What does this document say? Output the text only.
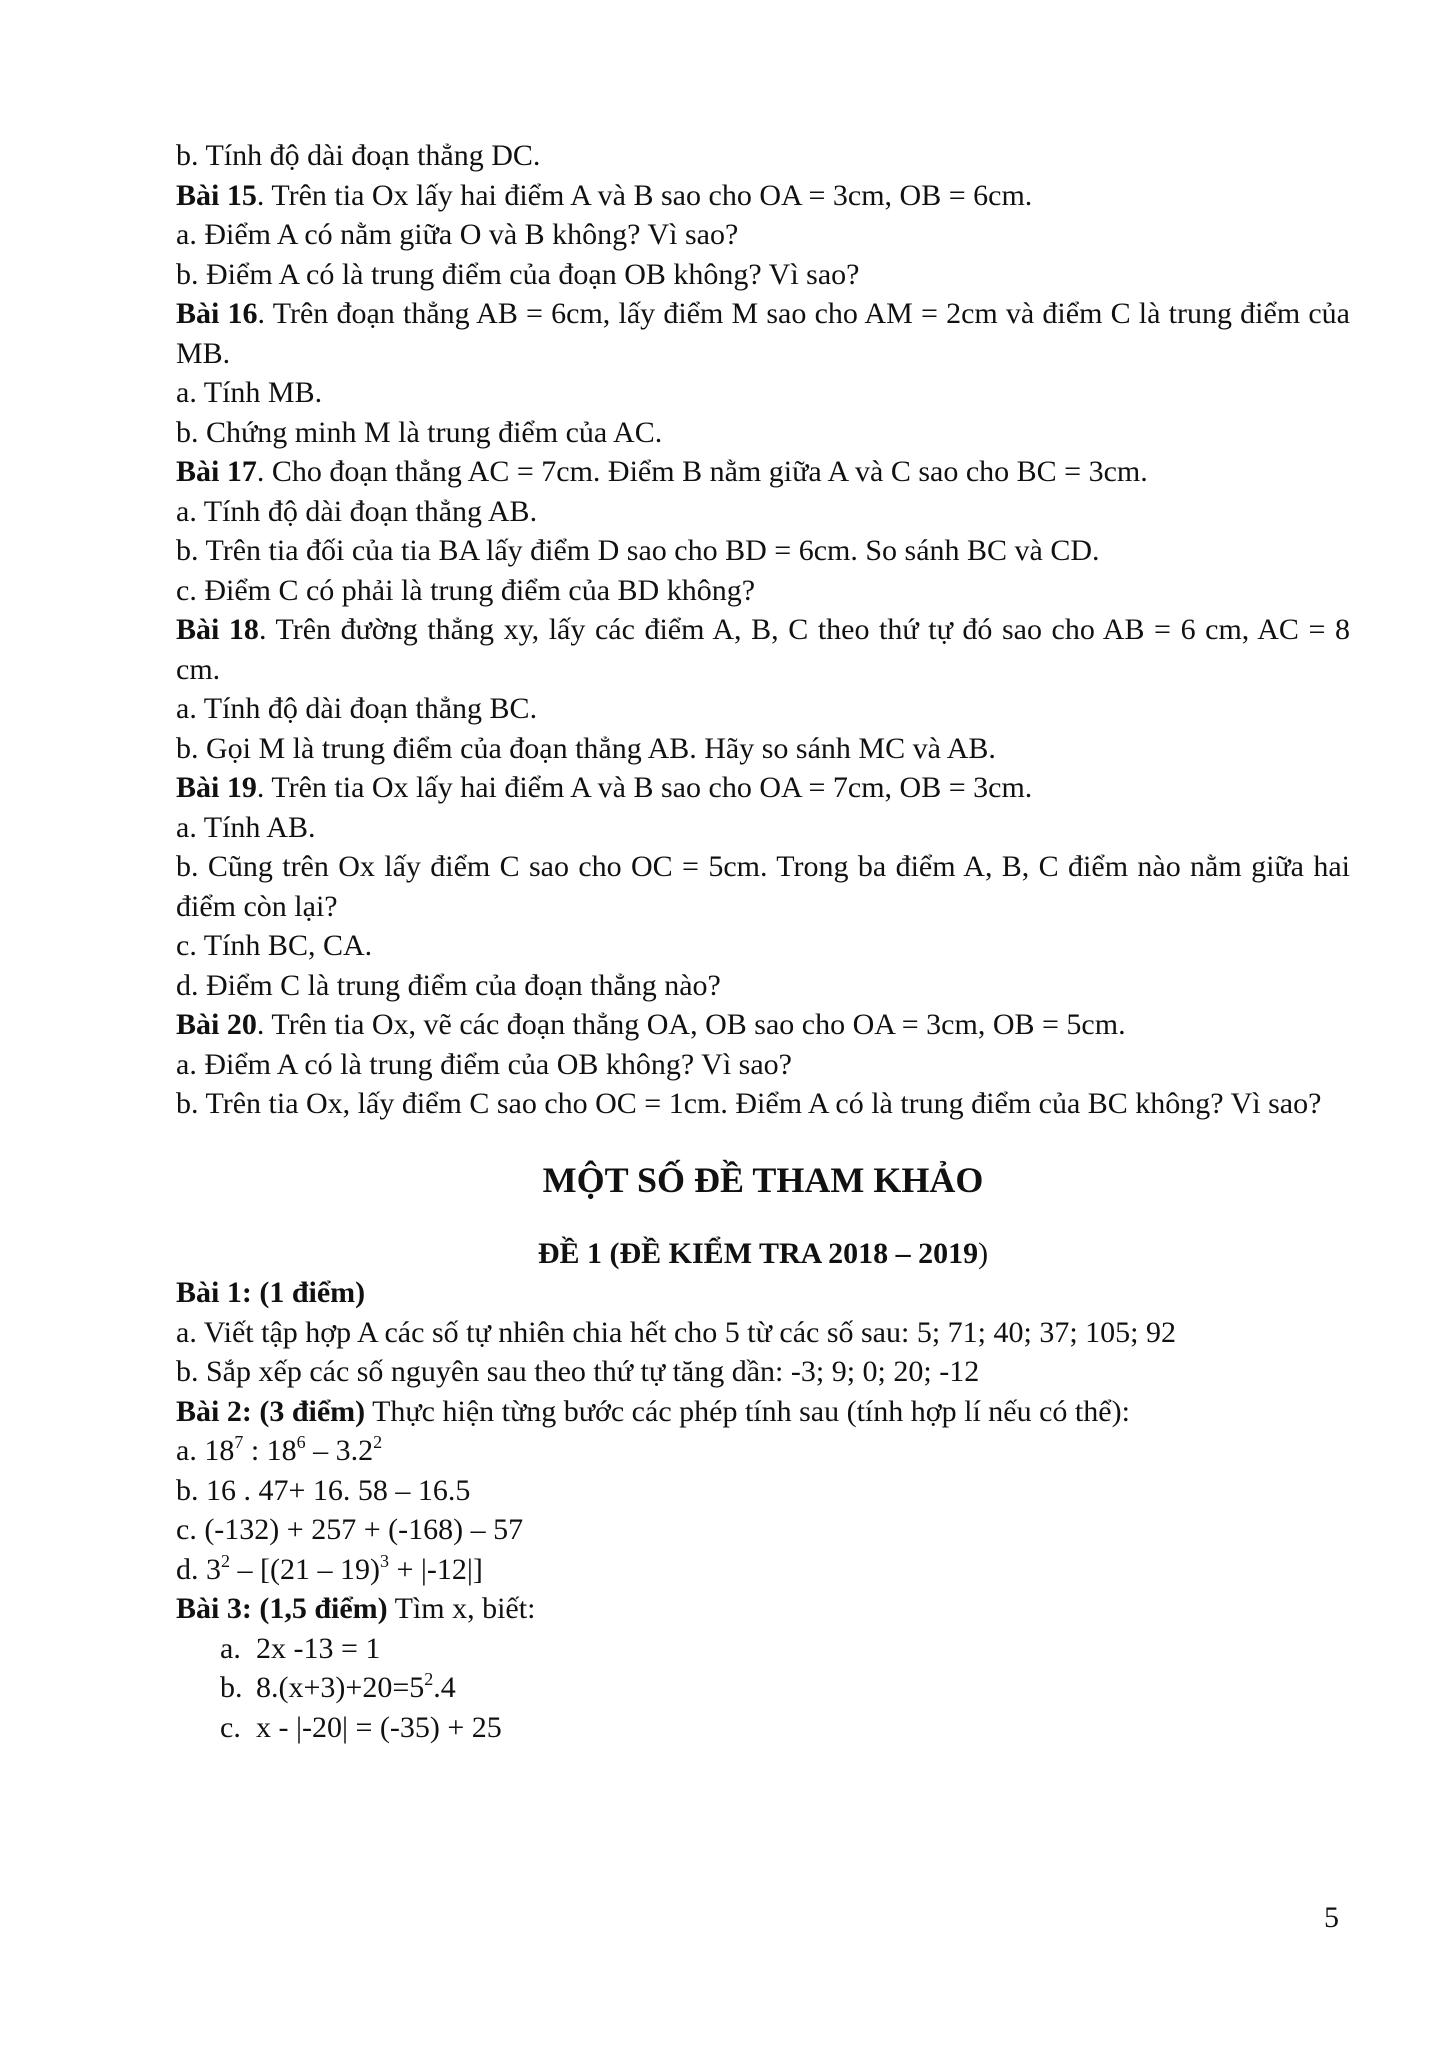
b. Tính độ dài đoạn thẳng DC.

Bài 15. Trên tia Ox lấy hai điểm A và B sao cho OA = 3cm, OB = 6cm.

a. Điểm A có nằm giữa O và B không? Vì sao?

b. Điểm A có là trung điểm của đoạn OB không? Vì sao?

Bài 16. Trên đoạn thẳng AB = 6cm, lấy điểm M sao cho AM = 2cm và điểm C là trung điểm của MB.

a. Tính MB.

b. Chứng minh M là trung điểm của AC.

Bài 17. Cho đoạn thẳng AC = 7cm. Điểm B nằm giữa A và C sao cho BC = 3cm.

a. Tính độ dài đoạn thẳng AB.

b. Trên tia đối của tia BA lấy điểm D sao cho BD = 6cm. So sánh BC và CD.

c. Điểm C có phải là trung điểm của BD không?

Bài 18. Trên đường thẳng xy, lấy các điểm A, B, C theo thứ tự đó sao cho AB = 6 cm, AC = 8 cm.

a. Tính độ dài đoạn thẳng BC.

b. Gọi M là trung điểm của đoạn thẳng AB. Hãy so sánh MC và AB.

Bài 19. Trên tia Ox lấy hai điểm A và B sao cho OA = 7cm, OB = 3cm.

a. Tính AB.

b. Cũng trên Ox lấy điểm C sao cho OC = 5cm. Trong ba điểm A, B, C điểm nào nằm giữa hai điểm còn lại?

c. Tính BC, CA.

d. Điểm C là trung điểm của đoạn thẳng nào?

Bài 20. Trên tia Ox, vẽ các đoạn thẳng OA, OB sao cho OA = 3cm, OB = 5cm.

a. Điểm A có là trung điểm của OB không? Vì sao?

b. Trên tia Ox, lấy điểm C sao cho OC = 1cm. Điểm A có là trung điểm của BC không? Vì sao?

MỘT SỐ ĐỀ THAM KHẢO
ĐỀ 1 (ĐỀ KIỂM TRA 2018 – 2019)

Bài 1: (1 điểm)

a. Viết tập hợp A các số tự nhiên chia hết cho 5 từ các số sau: 5; 71; 40; 37; 105; 92

b. Sắp xếp các số nguyên sau theo thứ tự tăng dần: -3; 9; 0; 20; -12

Bài 2: (3 điểm) Thực hiện từng bước các phép tính sau (tính hợp lí nếu có thể):

a. $18^7$ : $18^6 - 3.2^2$

b. 16 . 47+ 16. 58 – 16.5

c. (-132) + 257 + (-168) – 57

d. $3^2 - [(21 - 19)^3 + |-12|]$

Bài 3: (1,5 điểm) Tìm x, biết:

a. 2x -13 = 1

b. $8.(x+3)+20=5^2.4$

c. x - |-20| = (-35) + 25

5
